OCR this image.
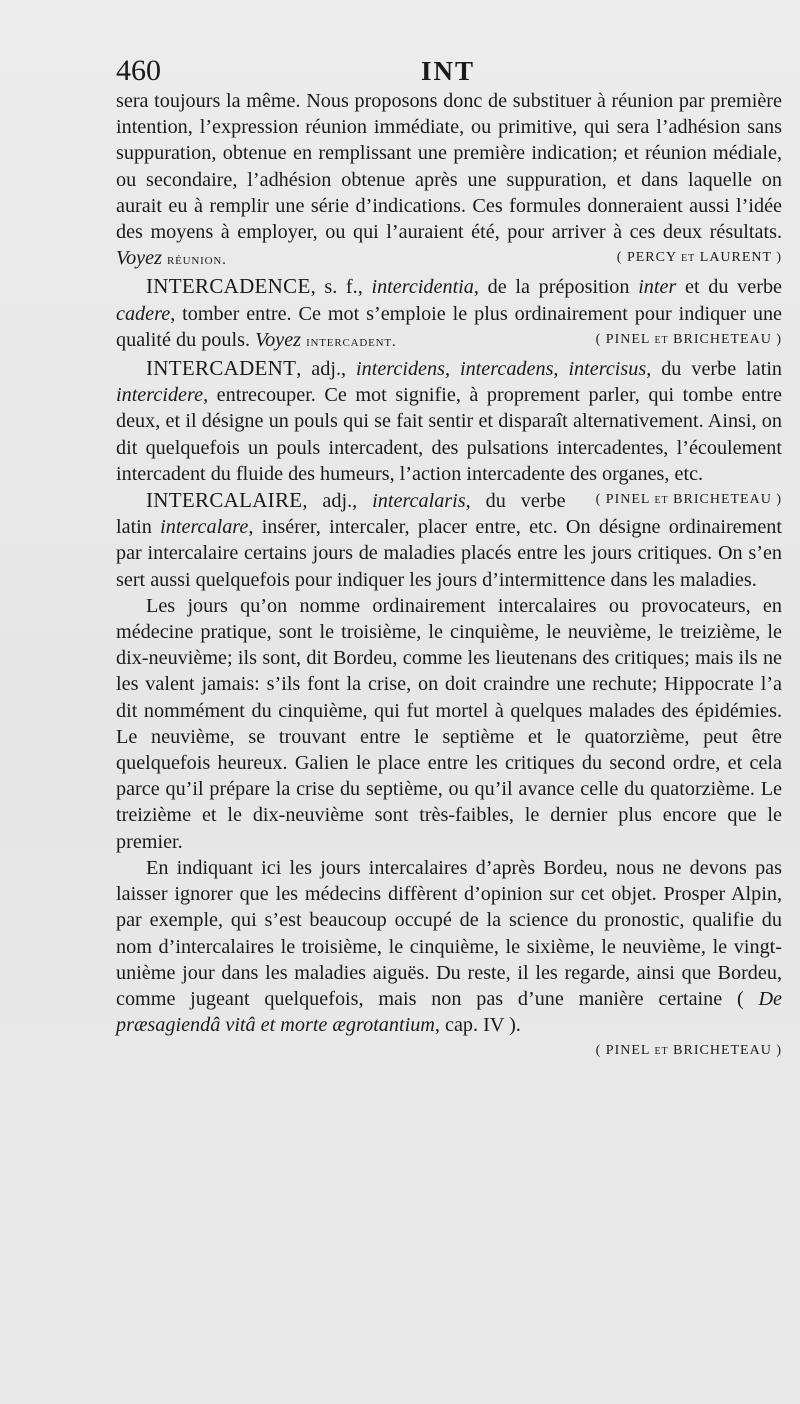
460	INT

sera toujours la même. Nous proposons donc de substituer à réunion par première intention, l’expression réunion immédiate, ou primitive, qui sera l’adhésion sans suppuration, obtenue en remplissant une première indication; et réunion médiale, ou secondaire, l’adhésion obtenue après une suppuration, et dans laquelle on aurait eu à remplir une série d’indications. Ces formules donneraient aussi l’idée des moyens à employer, ou qui l’auraient été, pour arriver à ces deux résultats. Voyez réunion.	( PERCY et LAURENT )

INTERCADENCE, s. f., intercidentia, de la préposition inter et du verbe cadere, tomber entre. Ce mot s’emploie le plus ordinairement pour indiquer une qualité du pouls. Voyez intercadent.	( PINEL et BRICHETEAU )

INTERCADENT, adj., intercidens, intercadens, intercisus, du verbe latin intercidere, entrecouper. Ce mot signifie, à proprement parler, qui tombe entre deux, et il désigne un pouls qui se fait sentir et disparaît alternativement. Ainsi, on dit quelquefois un pouls intercadent, des pulsations intercadentes, l’écoulement intercadent du fluide des humeurs, l’action intercadente des organes, etc.
( PINEL et BRICHETEAU )

INTERCALAIRE, adj., intercalaris, du verbe latin intercalare, insérer, intercaler, placer entre, etc. On désigne ordinairement par intercalaire certains jours de maladies placés entre les jours critiques. On s’en sert aussi quelquefois pour indiquer les jours d’intermittence dans les maladies.

Les jours qu’on nomme ordinairement intercalaires ou provocateurs, en médecine pratique, sont le troisième, le cinquième, le neuvième, le treizième, le dix-neuvième; ils sont, dit Bordeu, comme les lieutenans des critiques; mais ils ne les valent jamais: s’ils font la crise, on doit craindre une rechute; Hippocrate l’a dit nommément du cinquième, qui fut mortel à quelques malades des épidémies. Le neuvième, se trouvant entre le septième et le quatorzième, peut être quelquefois heureux. Galien le place entre les critiques du second ordre, et cela parce qu’il prépare la crise du septième, ou qu’il avance celle du quatorzième. Le treizième et le dix-neuvième sont très-faibles, le dernier plus encore que le premier.

En indiquant ici les jours intercalaires d’après Bordeu, nous ne devons pas laisser ignorer que les médecins diffèrent d’opinion sur cet objet. Prosper Alpin, par exemple, qui s’est beaucoup occupé de la science du pronostic, qualifie du nom d’intercalaires le troisième, le cinquième, le sixième, le neuvième, le vingt-unième jour dans les maladies aiguës. Du reste, il les regarde, ainsi que Bordeu, comme jugeant quelquefois, mais non pas d’une manière certaine ( De præsagiendâ vitâ et morte ægrotantium, cap. IV ).

( PINEL et BRICHETEAU )
